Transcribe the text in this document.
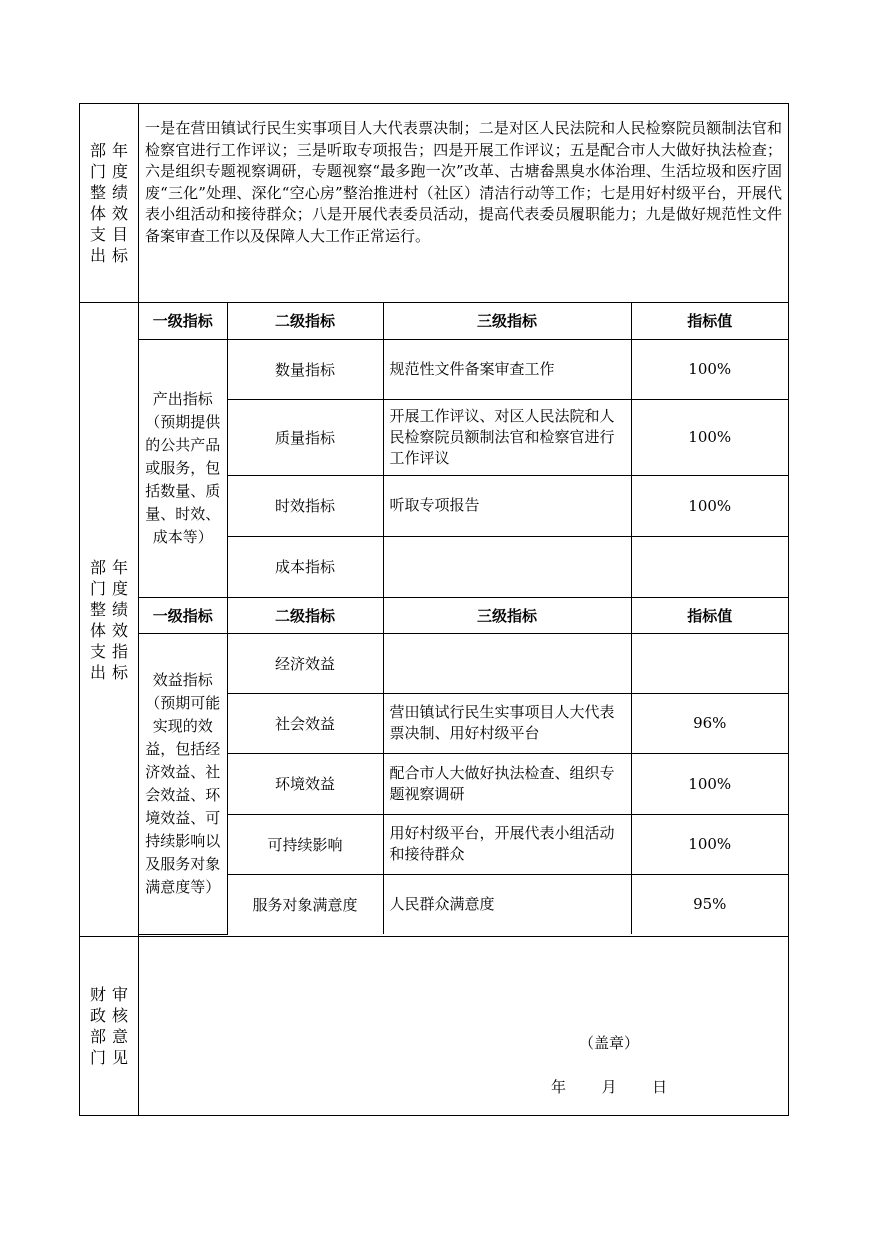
部
门
整
体
支
出
年
度
绩
效
目
标
	一是在营田镇试行民生实事项目人大代表票决制；二是对区人民法院和人民检察院员额制法官和检察官进行工作评议；三是听取专项报告；四是开展工作评议；五是配合市人大做好执法检查；六是组织专题视察调研，专题视察“最多跑一次”改革、古塘畚黑臭水体治理、生活垃圾和医疗固废“三化”处理、深化“空心房”整治推进村（社区）清洁行动等工作；七是用好村级平台，开展代表小组活动和接待群众；八是开展代表委员活动，提高代表委员履职能力；九是做好规范性文件备案审查工作以及保障人大工作正常运行。

部
门
整
体
支
出
年
度
绩
效
指
标

一级指标	二级指标	三级指标	指标值
产出指标（预期提供的公共产品或服务，包括数量、质量、时效、成本等）	数量指标	规范性文件备案审查工作	100%
质量指标	开展工作评议、对区人民法院和人民检察院员额制法官和检察官进行工作评议	100%
时效指标	听取专项报告	100%
成本指标		
一级指标	二级指标	三级指标	指标值
效益指标（预期可能实现的效益，包括经济效益、社会效益、环境效益、可持续影响以及服务对象满意度等）	经济效益		
社会效益	营田镇试行民生实事项目人大代表票决制、用好村级平台	96%
环境效益	配合市人大做好执法检查、组织专题视察调研	100%
可持续影响	用好村级平台，开展代表小组活动和接待群众	100%
服务对象满意度	人民群众满意度	95%

财
政
部
门
审
核
意
见

（盖章）
年 月 日
